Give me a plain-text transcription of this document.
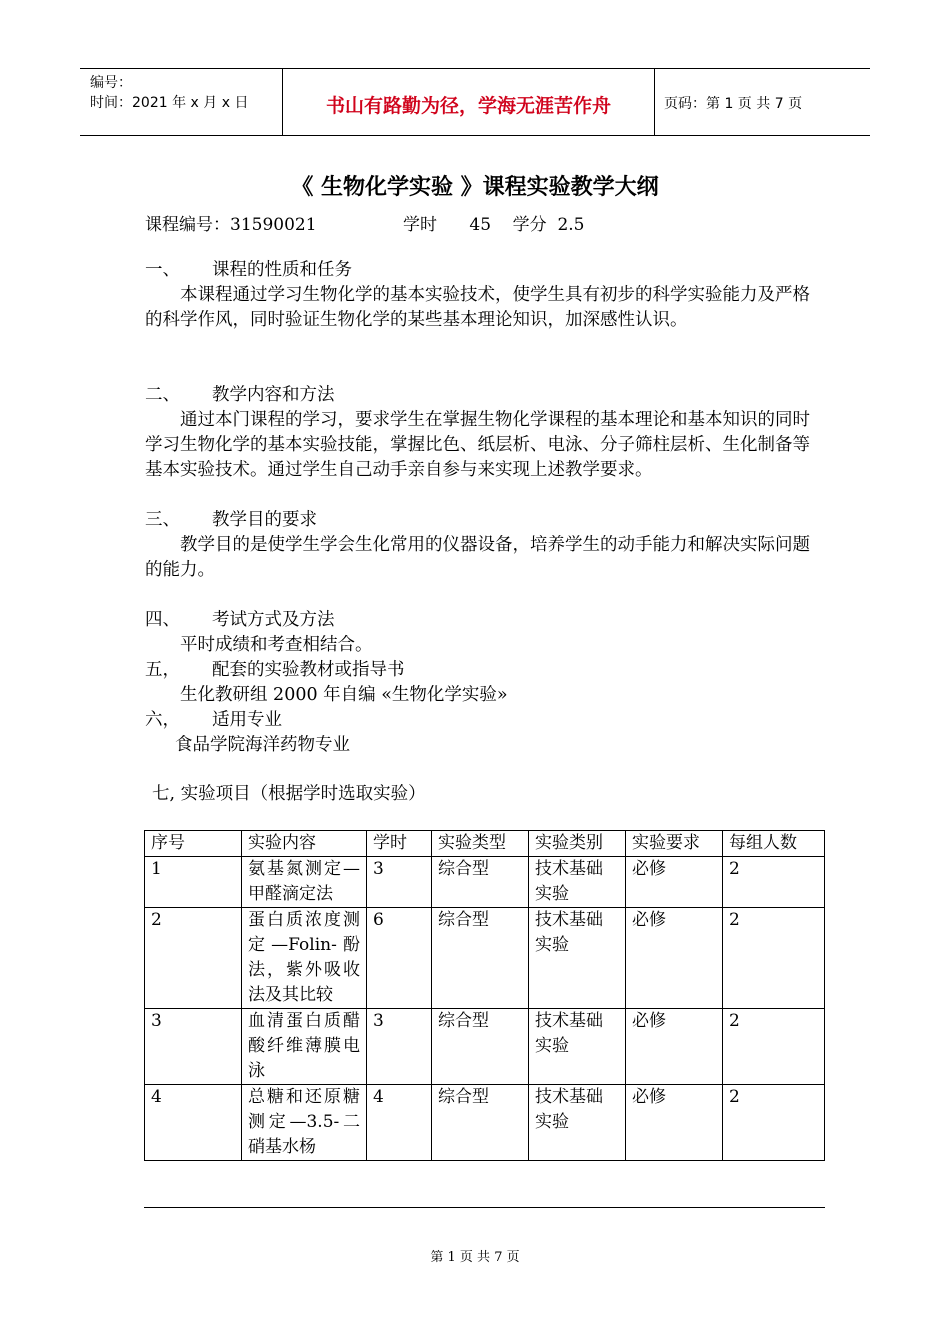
编号：
时间：2021 年 x 月 x 日	书山有路勤为径，学海无涯苦作舟	页码：第 1 页 共 7 页
《 生物化学实验 》课程实验教学大纲
课程编号：31590021                学时      45    学分  2.5
一、	课程的性质和任务

本课程通过学习生物化学的基本实验技术，使学生具有初步的科学实验能力及严格的科学作风，同时验证生物化学的某些基本理论知识，加深感性认识。

二、	教学内容和方法

通过本门课程的学习，要求学生在掌握生物化学课程的基本理论和基本知识的同时学习生物化学的基本实验技能，掌握比色、纸层析、电泳、分子筛柱层析、生化制备等基本实验技术。通过学生自己动手亲自参与来实现上述教学要求。

三、	教学目的要求

教学目的是使学生学会生化常用的仪器设备，培养学生的动手能力和解决实际问题的能力。

四、	考试方式及方法

平时成绩和考查相结合。

五，	配套的实验教材或指导书

生化教研组 2000 年自编 «生物化学实验»

六，	适用专业

食品学院海洋药物专业

七, 实验项目（根据学时选取实验）
序号	实验内容	学时	实验类型	实验类别	实验要求	每组人数
1	氨基氮测定—甲醛滴定法	3	综合型	技术基础实验	必修	2
2	蛋白质浓度测定—Folin-酚法，紫外吸收法及其比较	6	综合型	技术基础实验	必修	2
3	血清蛋白质醋酸纤维薄膜电泳	3	综合型	技术基础实验	必修	2
4	总糖和还原糖测定—3.5-二硝基水杨	4	综合型	技术基础实验	必修	2
第 1 页 共 7 页
